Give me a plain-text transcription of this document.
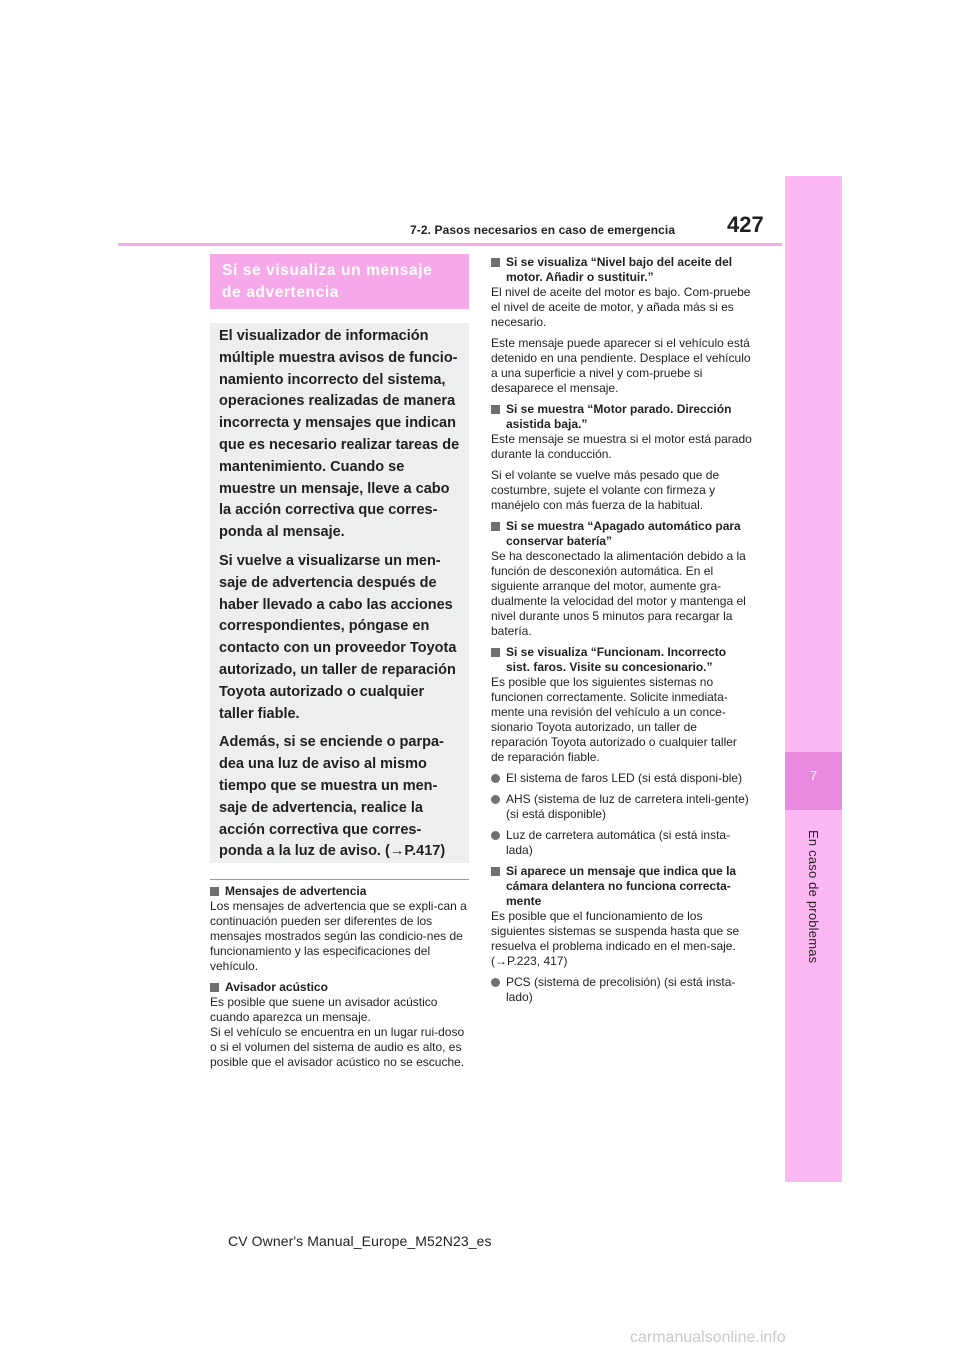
7-2. Pasos necesarios en caso de emergencia 427
7
En caso de problemas
Si se visualiza un mensaje
de advertencia

El visualizador de información múltiple muestra avisos de funcio-namiento incorrecto del sistema, operaciones realizadas de manera incorrecta y mensajes que indican que es necesario realizar tareas de mantenimiento. Cuando se muestre un mensaje, lleve a cabo la acción correctiva que corres-ponda al mensaje.

Si vuelve a visualizarse un men-saje de advertencia después de haber llevado a cabo las acciones correspondientes, póngase en contacto con un proveedor Toyota autorizado, un taller de reparación Toyota autorizado o cualquier taller fiable.

Además, si se enciende o parpa-dea una luz de aviso al mismo tiempo que se muestra un men-saje de advertencia, realice la acción correctiva que corres-ponda a la luz de aviso. (→P.417)

Mensajes de advertencia

Los mensajes de advertencia que se expli-can a continuación pueden ser diferentes de los mensajes mostrados según las condicio-nes de funcionamiento y las especificaciones del vehículo.

Avisador acústico

Es posible que suene un avisador acústico cuando aparezca un mensaje.
Si el vehículo se encuentra en un lugar rui-doso o si el volumen del sistema de audio es alto, es posible que el avisador acústico no se escuche.

Si se visualiza “Nivel bajo del aceite del motor. Añadir o sustituir.”

El nivel de aceite del motor es bajo. Com-pruebe el nivel de aceite de motor, y añada más si es necesario.

Este mensaje puede aparecer si el vehículo está detenido en una pendiente. Desplace el vehículo a una superficie a nivel y com-pruebe si desaparece el mensaje.

Si se muestra “Motor parado. Dirección asistida baja.”

Este mensaje se muestra si el motor está parado durante la conducción.

Si el volante se vuelve más pesado que de costumbre, sujete el volante con firmeza y manéjelo con más fuerza de la habitual.

Si se muestra “Apagado automático para conservar batería”

Se ha desconectado la alimentación debido a la función de desconexión automática. En el siguiente arranque del motor, aumente gra-dualmente la velocidad del motor y mantenga el nivel durante unos 5 minutos para recargar la batería.

Si se visualiza “Funcionam. Incorrecto sist. faros. Visite su concesionario.”

Es posible que los siguientes sistemas no funcionen correctamente. Solicite inmediata-mente una revisión del vehículo a un conce-sionario Toyota autorizado, un taller de reparación Toyota autorizado o cualquier taller de reparación fiable.

El sistema de faros LED (si está disponi-ble)
AHS (sistema de luz de carretera inteli-gente) (si está disponible)
Luz de carretera automática (si está insta-lada)
Si aparece un mensaje que indica que la cámara delantera no funciona correcta-mente

Es posible que el funcionamiento de los siguientes sistemas se suspenda hasta que se resuelva el problema indicado en el men-saje. (→P.223, 417)

PCS (sistema de precolisión) (si está insta-lado)
CV Owner's Manual_Europe_M52N23_es
carmanualsonline.info
